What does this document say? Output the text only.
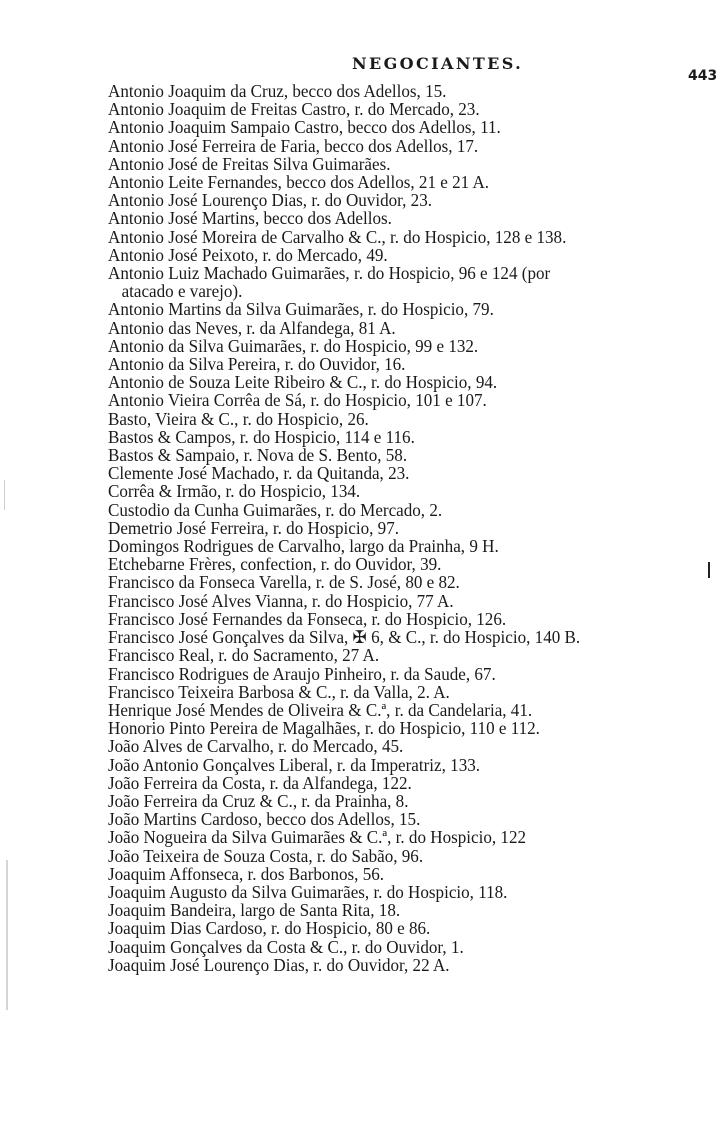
NEGOCIANTES.
443
Antonio Joaquim da Cruz, becco dos Adellos, 15.
Antonio Joaquim de Freitas Castro, r. do Mercado, 23.
Antonio Joaquim Sampaio Castro, becco dos Adellos, 11.
Antonio José Ferreira de Faria, becco dos Adellos, 17.
Antonio José de Freitas Silva Guimarães.
Antonio Leite Fernandes, becco dos Adellos, 21 e 21 A.
Antonio José Lourenço Dias, r. do Ouvidor, 23.
Antonio José Martins, becco dos Adellos.
Antonio José Moreira de Carvalho & C., r. do Hospicio, 128 e 138.
Antonio José Peixoto, r. do Mercado, 49.
Antonio Luiz Machado Guimarães, r. do Hospicio, 96 e 124 (por
atacado e varejo).
Antonio Martins da Silva Guimarães, r. do Hospicio, 79.
Antonio das Neves, r. da Alfandega, 81 A.
Antonio da Silva Guimarães, r. do Hospicio, 99 e 132.
Antonio da Silva Pereira, r. do Ouvidor, 16.
Antonio de Souza Leite Ribeiro & C., r. do Hospicio, 94.
Antonio Vieira Corrêa de Sá, r. do Hospicio, 101 e 107.
Basto, Vieira & C., r. do Hospicio, 26.
Bastos & Campos, r. do Hospicio, 114 e 116.
Bastos & Sampaio, r. Nova de S. Bento, 58.
Clemente José Machado, r. da Quitanda, 23.
Corrêa & Irmão, r. do Hospicio, 134.
Custodio da Cunha Guimarães, r. do Mercado, 2.
Demetrio José Ferreira, r. do Hospicio, 97.
Domingos Rodrigues de Carvalho, largo da Prainha, 9 H.
Etchebarne Frères, confection, r. do Ouvidor, 39.
Francisco da Fonseca Varella, r. de S. José, 80 e 82.
Francisco José Alves Vianna, r. do Hospicio, 77 A.
Francisco José Fernandes da Fonseca, r. do Hospicio, 126.
Francisco José Gonçalves da Silva, ✠ 6, & C., r. do Hospicio, 140 B.
Francisco Real, r. do Sacramento, 27 A.
Francisco Rodrigues de Araujo Pinheiro, r. da Saude, 67.
Francisco Teixeira Barbosa & C., r. da Valla, 2. A.
Henrique José Mendes de Oliveira & C.ª, r. da Candelaria, 41.
Honorio Pinto Pereira de Magalhães, r. do Hospicio, 110 e 112.
João Alves de Carvalho, r. do Mercado, 45.
João Antonio Gonçalves Liberal, r. da Imperatriz, 133.
João Ferreira da Costa, r. da Alfandega, 122.
João Ferreira da Cruz & C., r. da Prainha, 8.
João Martins Cardoso, becco dos Adellos, 15.
João Nogueira da Silva Guimarães & C.ª, r. do Hospicio, 122
João Teixeira de Souza Costa, r. do Sabão, 96.
Joaquim Affonseca, r. dos Barbonos, 56.
Joaquim Augusto da Silva Guimarães, r. do Hospicio, 118.
Joaquim Bandeira, largo de Santa Rita, 18.
Joaquim Dias Cardoso, r. do Hospicio, 80 e 86.
Joaquim Gonçalves da Costa & C., r. do Ouvidor, 1.
Joaquim José Lourenço Dias, r. do Ouvidor, 22 A.
